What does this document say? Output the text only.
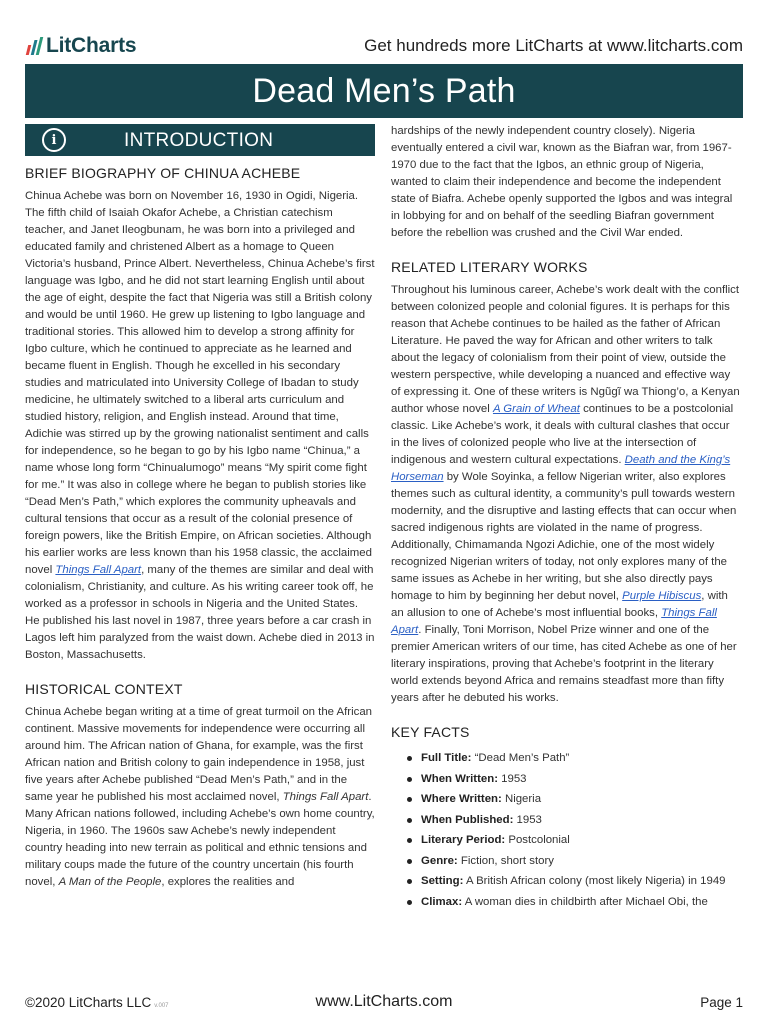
LitCharts	Get hundreds more LitCharts at www.litcharts.com
Dead Men’s Path
i	INTRODUCTION
BRIEF BIOGRAPHY OF CHINUA ACHEBE

Chinua Achebe was born on November 16, 1930 in Ogidi, Nigeria. The fifth child of Isaiah Okafor Achebe, a Christian catechism teacher, and Janet Ileogbunam, he was born into a privileged and educated family and christened Albert as a homage to Queen Victoria’s husband, Prince Albert. Nevertheless, Chinua Achebe’s first language was Igbo, and he did not start learning English until about the age of eight, despite the fact that Nigeria was still a British colony and would be until 1960. He grew up listening to Igbo language and traditional stories. This allowed him to develop a strong affinity for Igbo culture, which he continued to appreciate as he learned and became fluent in English. Though he excelled in his secondary studies and matriculated into University College of Ibadan to study medicine, he ultimately switched to a liberal arts curriculum and studied history, religion, and English instead. Around that time, Adichie was stirred up by the growing nationalist sentiment and calls for independence, so he began to go by his Igbo name “Chinua,” a name whose long form “Chinualumogo” means “My spirit come fight for me.” It was also in college where he began to publish stories like “Dead Men’s Path,” which explores the community upheavals and cultural tensions that occur as a result of the colonial presence of foreign powers, like the British Empire, on African societies. Although his earlier works are less known than his 1958 classic, the acclaimed novel Things Fall Apart, many of the themes are similar and deal with colonialism, Christianity, and culture. As his writing career took off, he worked as a professor in schools in Nigeria and the United States. He published his last novel in 1987, three years before a car crash in Lagos left him paralyzed from the waist down. Achebe died in 2013 in Boston, Massachusetts.

HISTORICAL CONTEXT

Chinua Achebe began writing at a time of great turmoil on the African continent. Massive movements for independence were occurring all around him. The African nation of Ghana, for example, was the first African nation and British colony to gain independence in 1958, just five years after Achebe published “Dead Men’s Path,” and in the same year he published his most acclaimed novel, Things Fall Apart. Many African nations followed, including Achebe’s own home country, Nigeria, in 1960. The 1960s saw Achebe’s newly independent country heading into new terrain as political and ethnic tensions and military coups made the future of the country uncertain (his fourth novel, A Man of the People, explores the realities and

hardships of the newly independent country closely). Nigeria eventually entered a civil war, known as the Biafran war, from 1967-1970 due to the fact that the Igbos, an ethnic group of Nigeria, wanted to claim their independence and become the independent state of Biafra. Achebe openly supported the Igbos and was integral in lobbying for and on behalf of the seedling Biafran government before the rebellion was crushed and the Civil War ended.

RELATED LITERARY WORKS

Throughout his luminous career, Achebe’s work dealt with the conflict between colonized people and colonial figures. It is perhaps for this reason that Achebe continues to be hailed as the father of African Literature. He paved the way for African and other writers to talk about the legacy of colonialism from their point of view, outside the western perspective, while developing a nuanced and effective way of expressing it. One of these writers is Ngũgĩ wa Thiong’o, a Kenyan author whose novel A Grain of Wheat continues to be a postcolonial classic. Like Achebe’s work, it deals with cultural clashes that occur in the lives of colonized people who live at the intersection of indigenous and western cultural expectations. Death and the King’s Horseman by Wole Soyinka, a fellow Nigerian writer, also explores themes such as cultural identity, a community’s pull towards western modernity, and the disruptive and lasting effects that can occur when sacred indigenous rights are violated in the name of progress. Additionally, Chimamanda Ngozi Adichie, one of the most widely recognized Nigerian writers of today, not only explores many of the same issues as Achebe in her writing, but she also directly pays homage to him by beginning her debut novel, Purple Hibiscus, with an allusion to one of Achebe’s most influential books, Things Fall Apart. Finally, Toni Morrison, Nobel Prize winner and one of the premier American writers of our time, has cited Achebe as one of her literary inspirations, proving that Achebe’s footprint in the literary world extends beyond Africa and remains steadfast more than fifty years after he debuted his works.

KEY FACTS
Full Title: “Dead Men’s Path”
When Written: 1953
Where Written: Nigeria
When Published: 1953
Literary Period: Postcolonial
Genre: Fiction, short story
Setting: A British African colony (most likely Nigeria) in 1949
Climax: A woman dies in childbirth after Michael Obi, the
©2020 LitCharts LLC v.007	www.LitCharts.com	Page 1
